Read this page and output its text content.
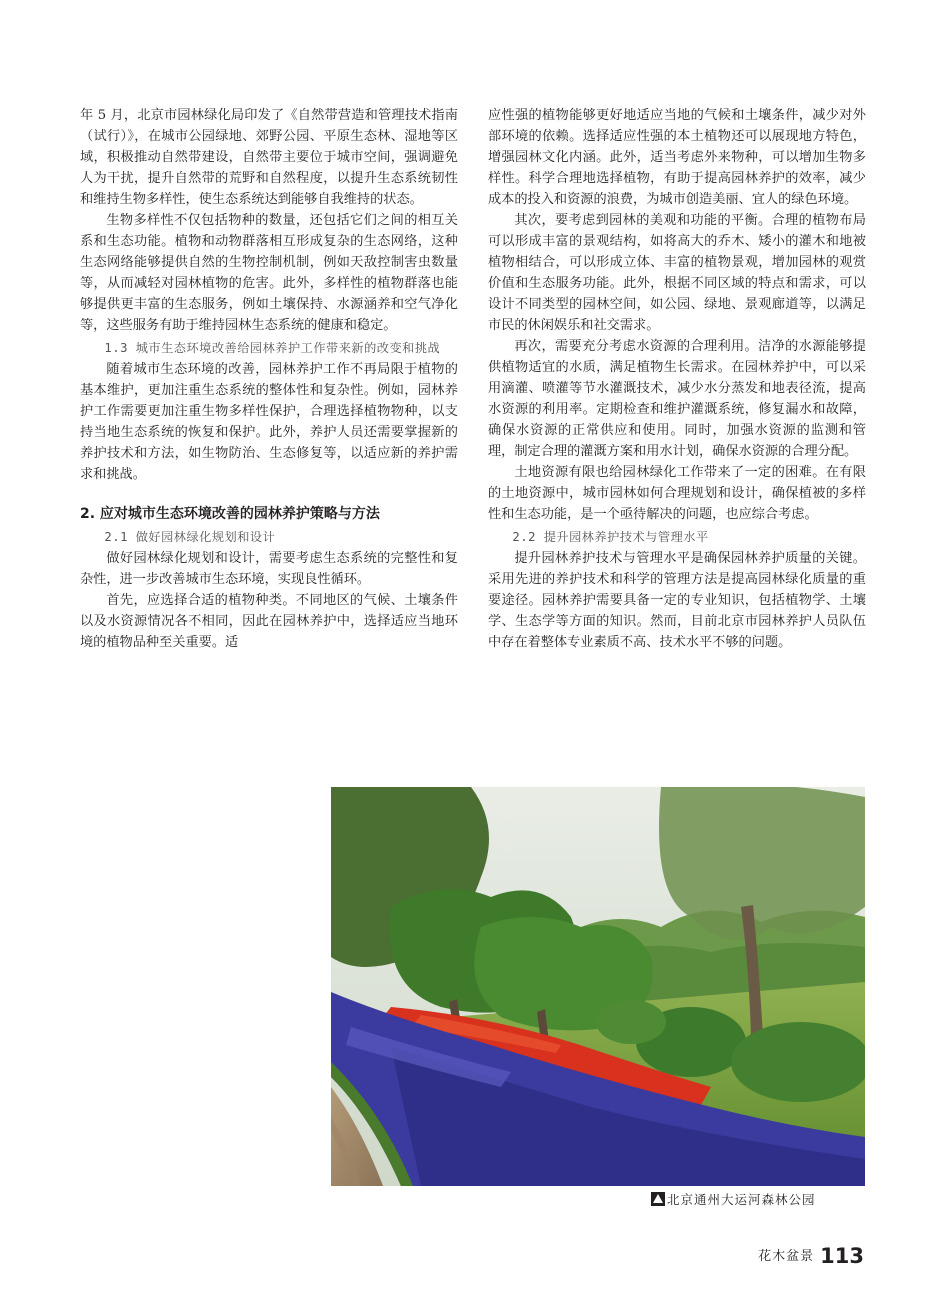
年 5 月，北京市园林绿化局印发了《自然带营造和管理技术指南（试行）》，在城市公园绿地、郊野公园、平原生态林、湿地等区域，积极推动自然带建设，自然带主要位于城市空间，强调避免人为干扰，提升自然带的荒野和自然程度，以提升生态系统韧性和维持生物多样性，使生态系统达到能够自我维持的状态。

生物多样性不仅包括物种的数量，还包括它们之间的相互关系和生态功能。植物和动物群落相互形成复杂的生态网络，这种生态网络能够提供自然的生物控制机制，例如天敌控制害虫数量等，从而减轻对园林植物的危害。此外，多样性的植物群落也能够提供更丰富的生态服务，例如土壤保持、水源涵养和空气净化等，这些服务有助于维持园林生态系统的健康和稳定。

1.3 城市生态环境改善给园林养护工作带来新的改变和挑战

随着城市生态环境的改善，园林养护工作不再局限于植物的基本维护，更加注重生态系统的整体性和复杂性。例如，园林养护工作需要更加注重生物多样性保护，合理选择植物物种，以支持当地生态系统的恢复和保护。此外，养护人员还需要掌握新的养护技术和方法，如生物防治、生态修复等，以适应新的养护需求和挑战。

2. 应对城市生态环境改善的园林养护策略与方法

2.1 做好园林绿化规划和设计

做好园林绿化规划和设计，需要考虑生态系统的完整性和复杂性，进一步改善城市生态环境，实现良性循环。

首先，应选择合适的植物种类。不同地区的气候、土壤条件以及水资源情况各不相同，因此在园林养护中，选择适应当地环境的植物品种至关重要。适

应性强的植物能够更好地适应当地的气候和土壤条件，减少对外部环境的依赖。选择适应性强的本土植物还可以展现地方特色，增强园林文化内涵。此外，适当考虑外来物种，可以增加生物多样性。科学合理地选择植物，有助于提高园林养护的效率，减少成本的投入和资源的浪费，为城市创造美丽、宜人的绿色环境。

其次，要考虑到园林的美观和功能的平衡。合理的植物布局可以形成丰富的景观结构，如将高大的乔木、矮小的灌木和地被植物相结合，可以形成立体、丰富的植物景观，增加园林的观赏价值和生态服务功能。此外，根据不同区域的特点和需求，可以设计不同类型的园林空间，如公园、绿地、景观廊道等，以满足市民的休闲娱乐和社交需求。

再次，需要充分考虑水资源的合理利用。洁净的水源能够提供植物适宜的水质，满足植物生长需求。在园林养护中，可以采用滴灌、喷灌等节水灌溉技术，减少水分蒸发和地表径流，提高水资源的利用率。定期检查和维护灌溉系统，修复漏水和故障，确保水资源的正常供应和使用。同时，加强水资源的监测和管理，制定合理的灌溉方案和用水计划，确保水资源的合理分配。

土地资源有限也给园林绿化工作带来了一定的困难。在有限的土地资源中，城市园林如何合理规划和设计，确保植被的多样性和生态功能，是一个亟待解决的问题，也应综合考虑。

2.2 提升园林养护技术与管理水平

提升园林养护技术与管理水平是确保园林养护质量的关键。采用先进的养护技术和科学的管理方法是提高园林绿化质量的重要途径。园林养护需要具备一定的专业知识，包括植物学、土壤学、生态学等方面的知识。然而，目前北京市园林养护人员队伍中存在着整体专业素质不高、技术水平不够的问题。

北京通州大运河森林公园
花木盆景 113
